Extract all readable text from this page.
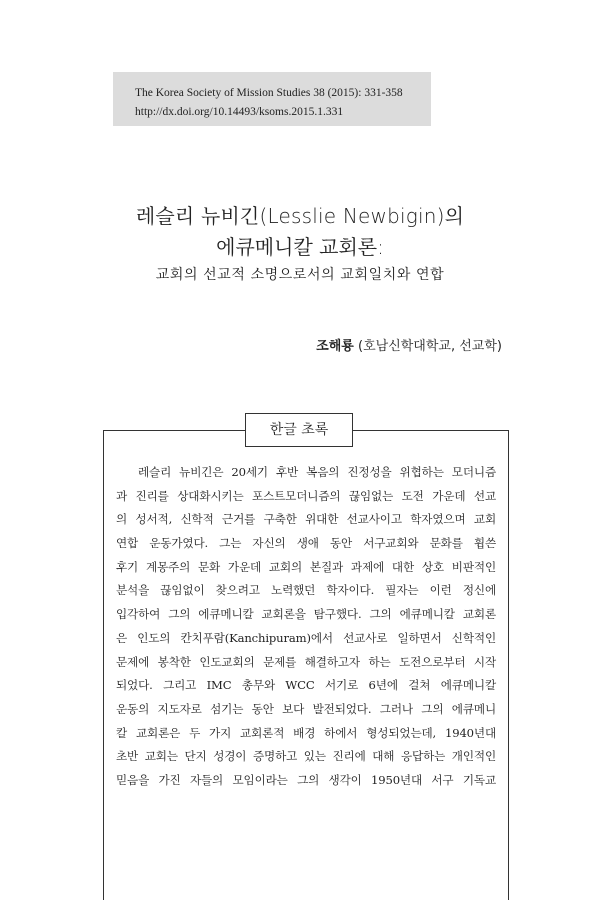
The Korea Society of Mission Studies 38 (2015): 331-358
http://dx.doi.org/10.14493/ksoms.2015.1.331
레슬리 뉴비긴(Lesslie Newbigin)의
에큐메니칼 교회론:
교회의 선교적 소명으로서의 교회일치와 연합
조해룡 (호남신학대학교, 선교학)
한글 초록
레슬리 뉴비긴은 20세기 후반 복음의 진정성을 위협하는 모더니즘
과 진리를 상대화시키는 포스트모더니즘의 끊임없는 도전 가운데 선교
의 성서적, 신학적 근거를 구축한 위대한 선교사이고 학자였으며 교회
연합 운동가였다. 그는 자신의 생애 동안 서구교회와 문화를 휩쓴
후기 계몽주의 문화 가운데 교회의 본질과 과제에 대한 상호 비판적인
분석을 끊임없이 찾으려고 노력했던 학자이다. 필자는 이런 정신에
입각하여 그의 에큐메니칼 교회론을 탐구했다. 그의 에큐메니칼 교회론
은 인도의 칸치푸람(Kanchipuram)에서 선교사로 일하면서 신학적인
문제에 봉착한 인도교회의 문제를 해결하고자 하는 도전으로부터 시작
되었다. 그리고 IMC 총무와 WCC 서기로 6년에 걸쳐 에큐메니칼
운동의 지도자로 섬기는 동안 보다 발전되었다. 그러나 그의 에큐메니
칼 교회론은 두 가지 교회론적 배경 하에서 형성되었는데, 1940년대
초반 교회는 단지 성경이 증명하고 있는 진리에 대해 응답하는 개인적인
믿음을 가진 자들의 모임이라는 그의 생각이 1950년대 서구 기독교
